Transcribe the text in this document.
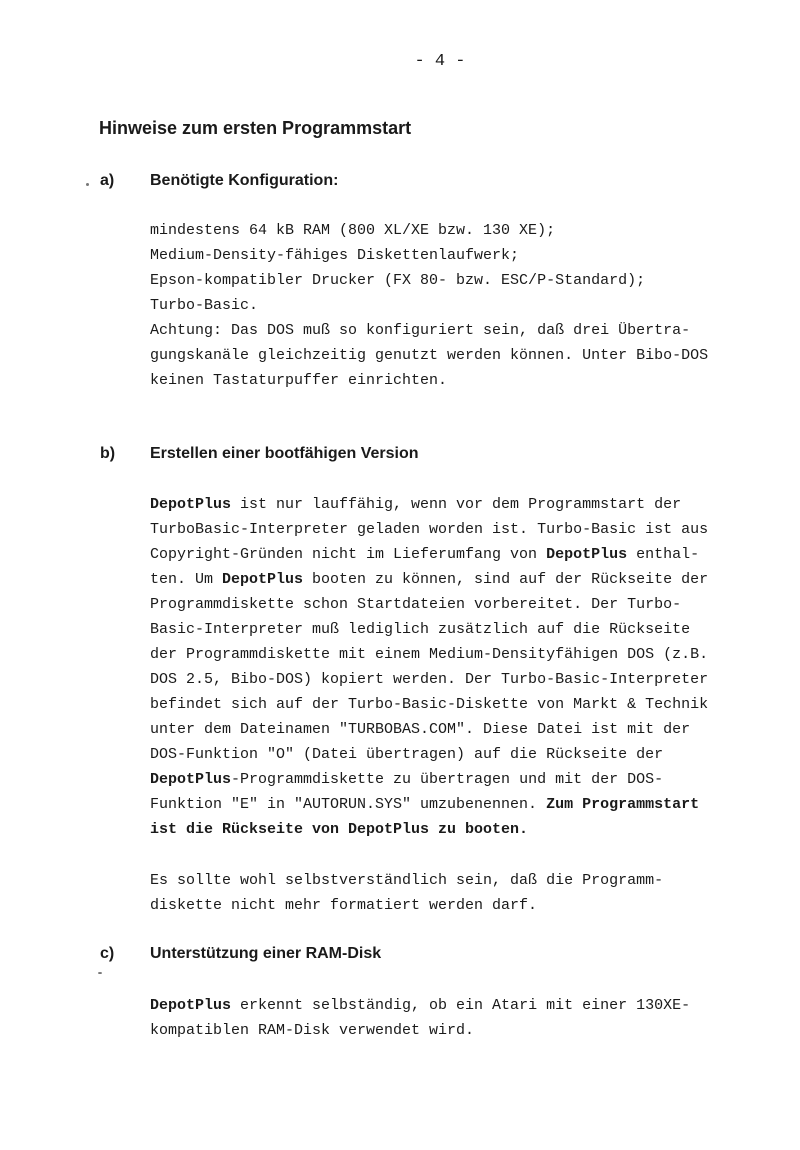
- 4 -
Hinweise zum ersten Programmstart
a) Benötigte Konfiguration:
mindestens 64 kB RAM (800 XL/XE bzw. 130 XE);
Medium-Density-fähiges Diskettenlaufwerk;
Epson-kompatibler Drucker (FX 80- bzw. ESC/P-Standard);
Turbo-Basic.
Achtung: Das DOS muß so konfiguriert sein, daß drei Übertra-
gungskanäle gleichzeitig genutzt werden können. Unter Bibo-DOS
keinen Tastaturpuffer einrichten.
b) Erstellen einer bootfähigen Version
DepotPlus ist nur lauffähig, wenn vor dem Programmstart der
TurboBasic-Interpreter geladen worden ist. Turbo-Basic ist aus
Copyright-Gründen nicht im Lieferumfang von DepotPlus enthal-
ten. Um DepotPlus booten zu können, sind auf der Rückseite der
Programmdiskette schon Startdateien vorbereitet. Der Turbo-
Basic-Interpreter muß lediglich zusätzlich auf die Rückseite
der Programmdiskette mit einem Medium-Densityfähigen DOS (z.B.
DOS 2.5, Bibo-DOS) kopiert werden. Der Turbo-Basic-Interpreter
befindet sich auf der Turbo-Basic-Diskette von Markt & Technik
unter dem Dateinamen "TURBOBAS.COM". Diese Datei ist mit der
DOS-Funktion "O" (Datei übertragen) auf die Rückseite der
DepotPlus-Programmdiskette zu übertragen und mit der DOS-
Funktion "E" in "AUTORUN.SYS" umzubenennen. Zum Programmstart
ist die Rückseite von DepotPlus zu booten.
Es sollte wohl selbstverständlich sein, daß die Programm-
diskette nicht mehr formatiert werden darf.
c) Unterstützung einer RAM-Disk
DepotPlus erkennt selbständig, ob ein Atari mit einer 130XE-
kompatiblen RAM-Disk verwendet wird.
